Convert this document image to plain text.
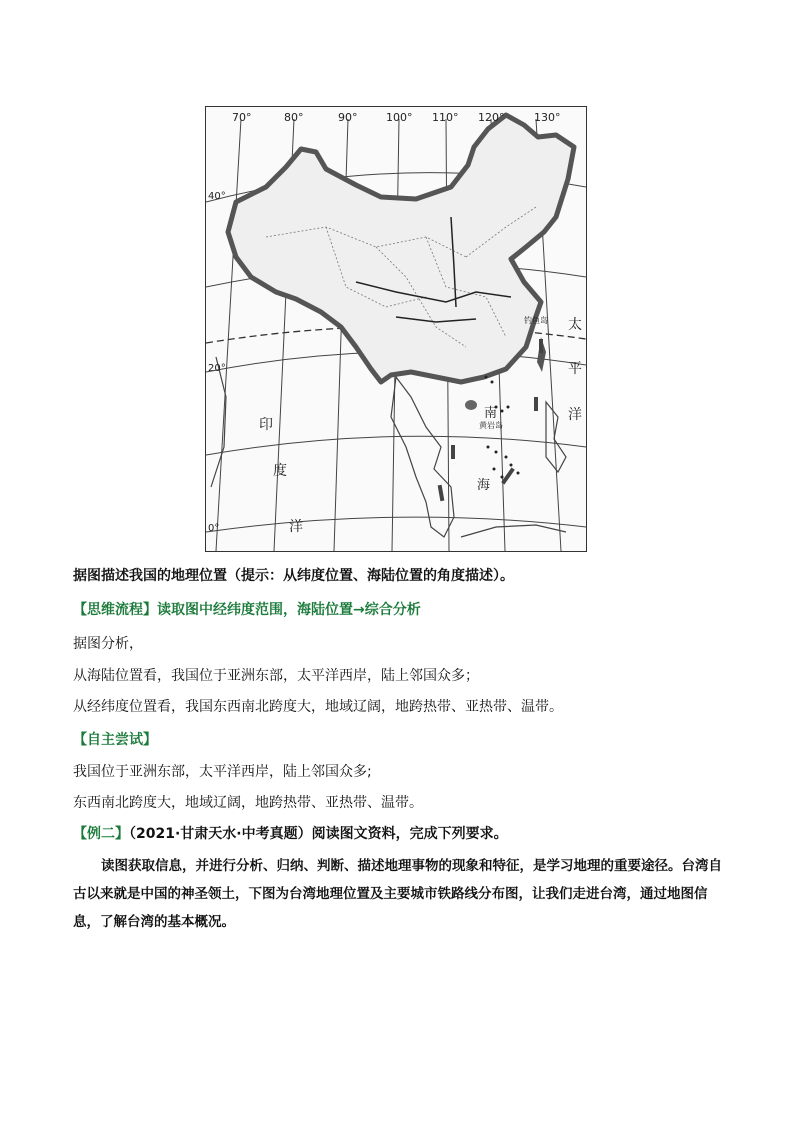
70°	80°	90°	100° 110° 120°	130°
40°
20°
0°
太
平
洋
印
度
洋
南
海
钓鱼岛
黄岩岛
据图描述我国的地理位置（提示：从纬度位置、海陆位置的角度描述）。
【思维流程】读取图中经纬度范围，海陆位置→综合分析
据图分析，
从海陆位置看，我国位于亚洲东部，太平洋西岸，陆上邻国众多；
从经纬度位置看，我国东西南北跨度大，地域辽阔，地跨热带、亚热带、温带。
【自主尝试】
我国位于亚洲东部，太平洋西岸，陆上邻国众多;
东西南北跨度大，地域辽阔，地跨热带、亚热带、温带。
【例二】（2021·甘肃天水·中考真题）阅读图文资料，完成下列要求。
读图获取信息，并进行分析、归纳、判断、描述地理事物的现象和特征，是学习地理的重要途径。台湾自古以来就是中国的神圣领土，下图为台湾地理位置及主要城市铁路线分布图，让我们走进台湾，通过地图信息，了解台湾的基本概况。
